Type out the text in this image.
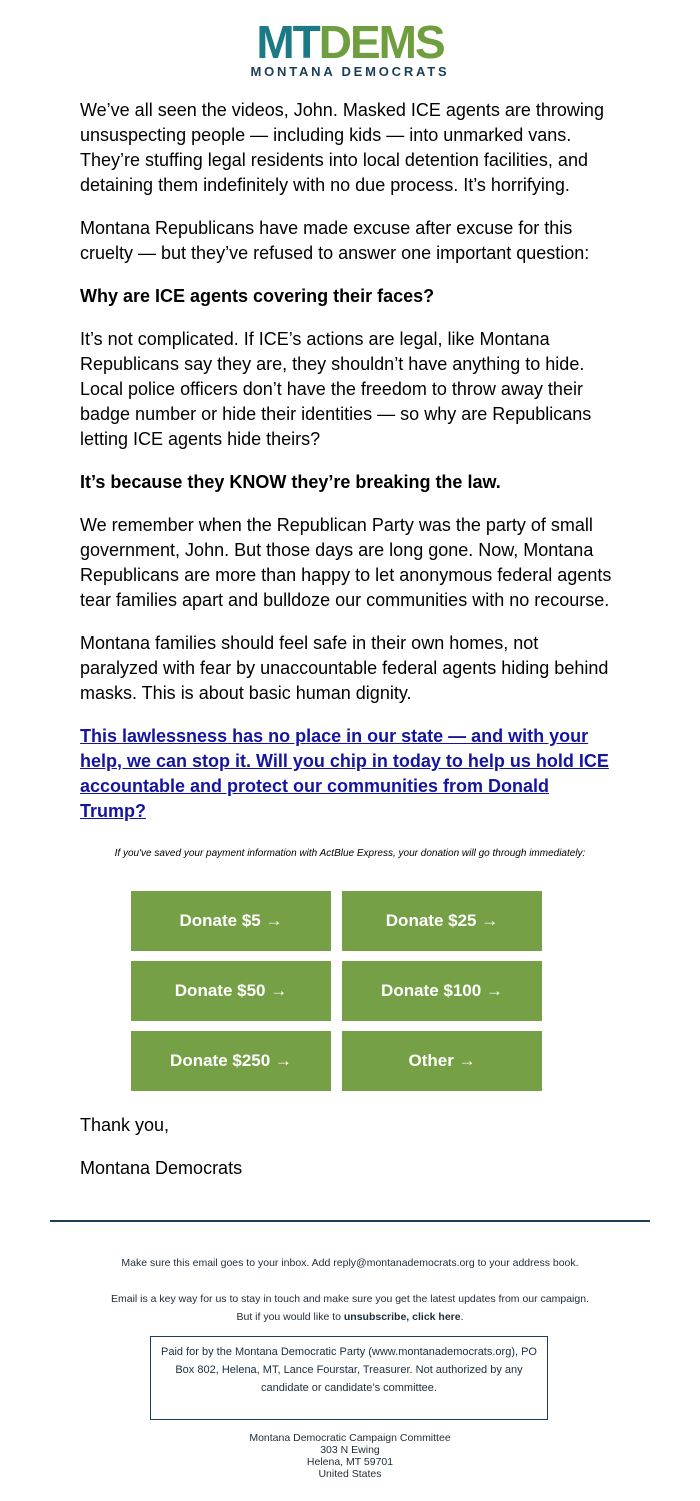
MTDEMS
MONTANA DEMOCRATS

We’ve all seen the videos, John. Masked ICE agents are throwing unsuspecting people — including kids — into unmarked vans. They’re stuffing legal residents into local detention facilities, and detaining them indefinitely with no due process. It’s horrifying.

Montana Republicans have made excuse after excuse for this cruelty — but they’ve refused to answer one important question:

Why are ICE agents covering their faces?

It’s not complicated. If ICE’s actions are legal, like Montana Republicans say they are, they shouldn’t have anything to hide. Local police officers don’t have the freedom to throw away their badge number or hide their identities — so why are Republicans letting ICE agents hide theirs?

It’s because they KNOW they’re breaking the law.

We remember when the Republican Party was the party of small government, John. But those days are long gone. Now, Montana Republicans are more than happy to let anonymous federal agents tear families apart and bulldoze our communities with no recourse.

Montana families should feel safe in their own homes, not paralyzed with fear by unaccountable federal agents hiding behind masks. This is about basic human dignity.

This lawlessness has no place in our state — and with your help, we can stop it. Will you chip in today to help us hold ICE accountable and protect our communities from Donald Trump?

If you've saved your payment information with ActBlue Express, your donation will go through immediately:
Donate $5 →	Donate $25 →
Donate $50 →	Donate $100 →
Donate $250 →	Other →
Thank you,
Montana Democrats
Make sure this email goes to your inbox. Add reply@montanademocrats.org to your address book.
Email is a key way for us to stay in touch and make sure you get the latest updates from our campaign.
But if you would like to unsubscribe, click here.
Paid for by the Montana Democratic Party (www.montanademocrats.org), PO Box 802, Helena, MT, Lance Fourstar, Treasurer. Not authorized by any candidate or candidate’s committee.
Montana Democratic Campaign Committee
303 N Ewing
Helena, MT 59701
United States
